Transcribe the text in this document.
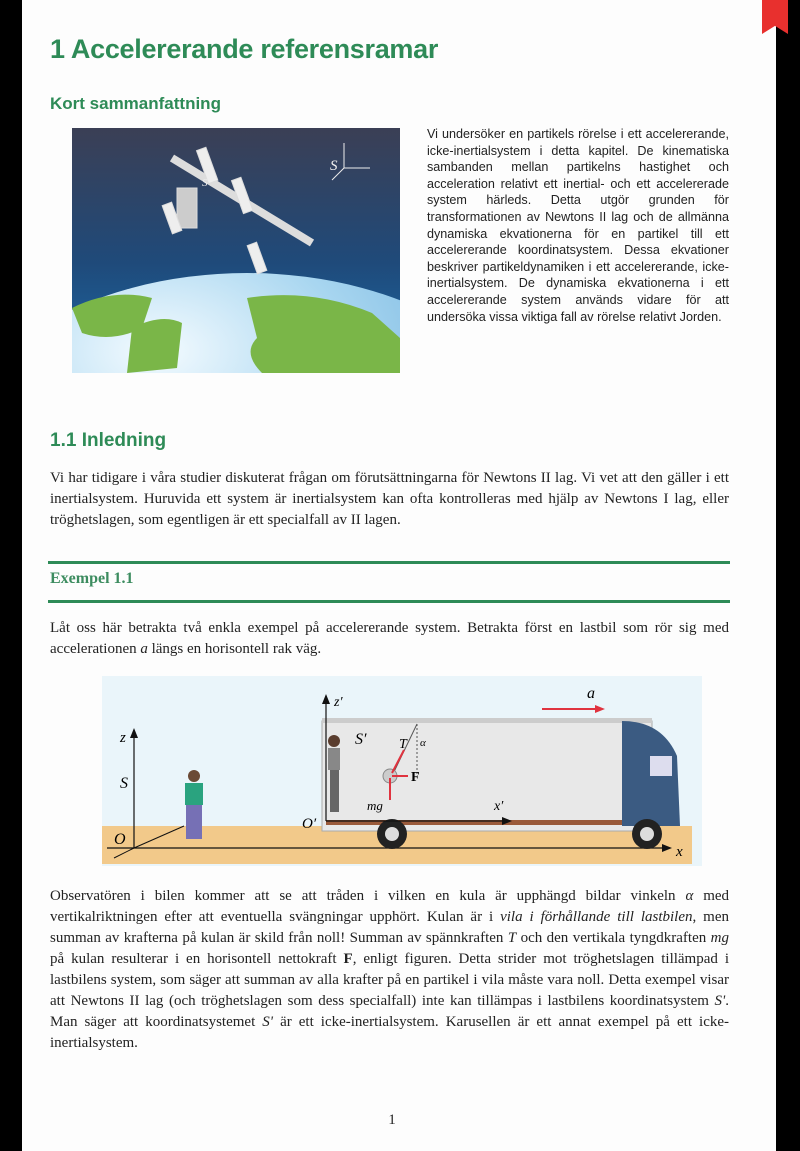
1 Accelererande referensramar
Kort sammanfattning
S
S′
Vi undersöker en partikels rörelse i ett accelererande, icke-inertialsystem i detta kapitel. De kinematiska sambanden mellan partikelns hastighet och acceleration relativt ett inertial- och ett accelererade system härleds. Detta utgör grunden för transformationen av Newtons II lag och de allmänna dynamiska ekvationerna för en partikel till ett accelererande koordinatsystem. Dessa ekvationer beskriver partikeldynamiken i ett accelererande, icke-inertialsystem. De dynamiska ekvationerna i ett accelererande system används vidare för att undersöka vissa viktiga fall av rörelse relativt Jorden.
1.1 Inledning
Vi har tidigare i våra studier diskuterat frågan om förutsättningarna för Newtons II lag. Vi vet att den gäller i ett inertialsystem. Huruvida ett system är inertialsystem kan ofta kontrolleras med hjälp av Newtons I lag, eller tröghetslagen, som egentligen är ett specialfall av II lagen.
Exempel 1.1
Låt oss här betrakta två enkla exempel på accelererande system. Betrakta först en lastbil som rör sig med accelerationen a längs en horisontell rak väg.
z
S
O
x
z′
S′
O′
x′
T α
F
mg
a
Observatören i bilen kommer att se att tråden i vilken en kula är upphängd bildar vinkeln α med vertikalriktningen efter att eventuella svängningar upphört. Kulan är i vila i förhållande till lastbilen, men summan av krafterna på kulan är skild från noll! Summan av spännkraften T och den vertikala tyngdkraften mg på kulan resulterar i en horisontell nettokraft F, enligt figuren. Detta strider mot tröghetslagen tillämpad i lastbilens system, som säger att summan av alla krafter på en partikel i vila måste vara noll. Detta exempel visar att Newtons II lag (och tröghetslagen som dess specialfall) inte kan tillämpas i lastbilens koordinatsystem S'. Man säger att koordinatsystemet S' är ett icke-inertialsystem. Karusellen är ett annat exempel på ett icke-inertialsystem.
1
